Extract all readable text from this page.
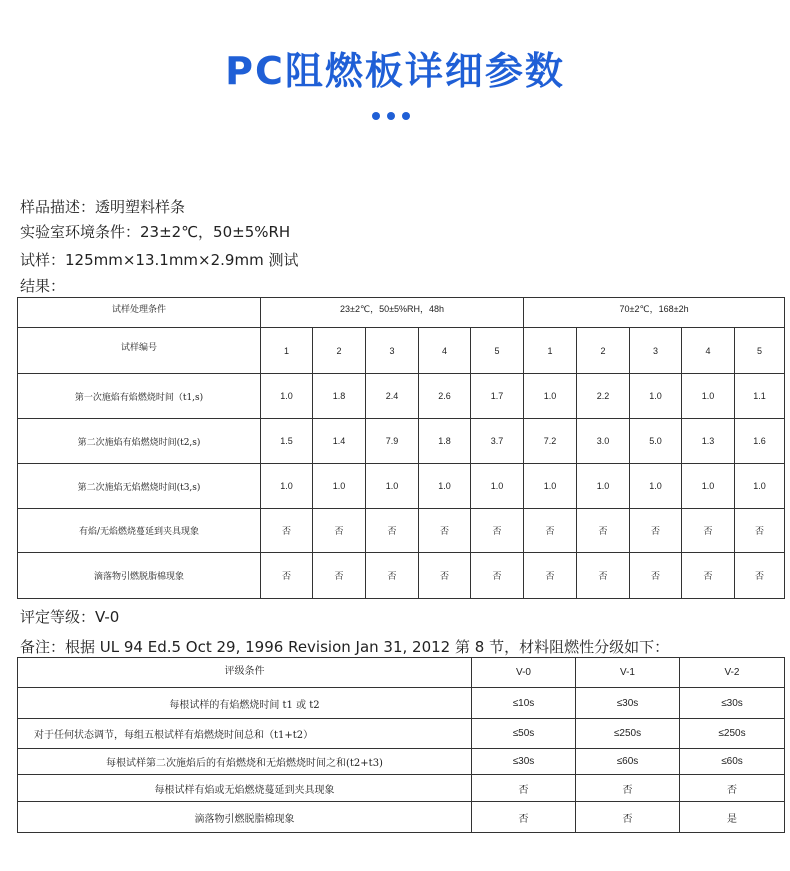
PC阻燃板详细参数
样品描述：透明塑料样条
实验室环境条件：23±2℃，50±5%RH
试样：125mm×13.1mm×2.9mm 测试
结果：
试样处理条件	23±2℃，50±5%RH，48h					70±2℃，168±2h				
试样编号	1	2	3	4	5	1	2	3	4	5
第一次施焰有焰燃烧时间（t1,s)	1.0	1.8	2.4	2.6	1.7	1.0	2.2	1.0	1.0	1.1
第二次施焰有焰燃烧时间(t2,s)	1.5	1.4	7.9	1.8	3.7	7.2	3.0	5.0	1.3	1.6
第二次施焰无焰燃烧时间(t3,s)	1.0	1.0	1.0	1.0	1.0	1.0	1.0	1.0	1.0	1.0
有焰/无焰燃烧蔓延到夹具现象	否	否	否	否	否	否	否	否	否	否
滴落物引燃脱脂棉现象	否	否	否	否	否	否	否	否	否	否
评定等级：V-0
备注：根据 UL 94 Ed.5 Oct 29, 1996 Revision Jan 31, 2012 第 8 节，材料阻燃性分级如下：
评级条件	V-0	V-1	V-2
每根试样的有焰燃烧时间 t1 或 t2	≤10s	≤30s	≤30s
对于任何状态调节，每组五根试样有焰燃烧时间总和（t1+t2）	≤50s	≤250s	≤250s
每根试样第二次施焰后的有焰燃烧和无焰燃烧时间之和(t2+t3)	≤30s	≤60s	≤60s
每根试样有焰或无焰燃烧蔓延到夹具现象	否	否	否
滴落物引燃脱脂棉现象	否	否	是
